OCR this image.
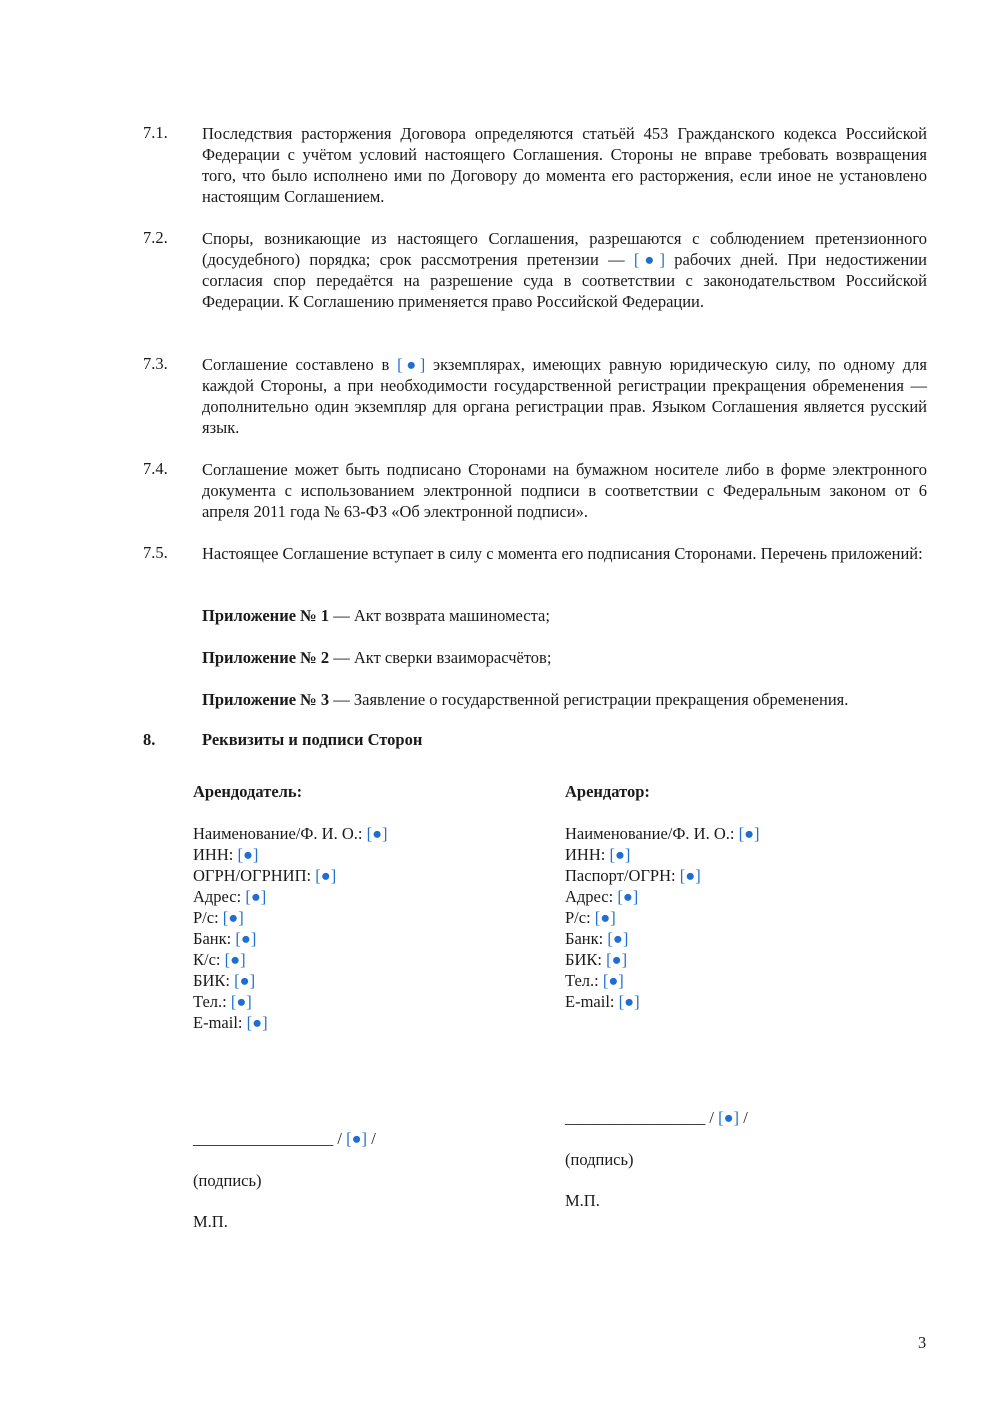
7.1. Последствия расторжения Договора определяются статьёй 453 Гражданского кодекса Российской Федерации с учётом условий настоящего Соглашения. Стороны не вправе требовать возвращения того, что было исполнено ими по Договору до момента его расторжения, если иное не установлено настоящим Соглашением.

7.2. Споры, возникающие из настоящего Соглашения, разрешаются с соблюдением претензионного (досудебного) порядка; срок рассмотрения претензии — [●] рабочих дней. При недостижении согласия спор передаётся на разрешение суда в соответствии с законодательством Российской Федерации. К Соглашению применяется право Российской Федерации.

7.3. Соглашение составлено в [●] экземплярах, имеющих равную юридическую силу, по одному для каждой Стороны, а при необходимости государственной регистрации прекращения обременения — дополнительно один экземпляр для органа регистрации прав. Языком Соглашения является русский язык.

7.4. Соглашение может быть подписано Сторонами на бумажном носителе либо в форме электронного документа с использованием электронной подписи в соответствии с Федеральным законом от 6 апреля 2011 года № 63-ФЗ «Об электронной подписи».

7.5. Настоящее Соглашение вступает в силу с момента его подписания Сторонами. Перечень приложений:

Приложение № 1 — Акт возврата машиноместа;
Приложение № 2 — Акт сверки взаиморасчётов;
Приложение № 3 — Заявление о государственной регистрации прекращения обременения.
8.	Реквизиты и подписи Сторон
Арендодатель:
Наименование/Ф. И. О.: [●]
ИНН: [●]
ОГРН/ОГРНИП: [●]
Адрес: [●]
Р/с: [●]
Банк: [●]
К/с: [●]
БИК: [●]
Тел.: [●]
E-mail: [●]
Арендатор:
Наименование/Ф. И. О.: [●]
ИНН: [●]
Паспорт/ОГРН: [●]
Адрес: [●]
Р/с: [●]
Банк: [●]
БИК: [●]
Тел.: [●]
E-mail: [●]
_________________ / [●] /
(подпись)
М.П.
_________________ / [●] /
(подпись)
М.П.
3
